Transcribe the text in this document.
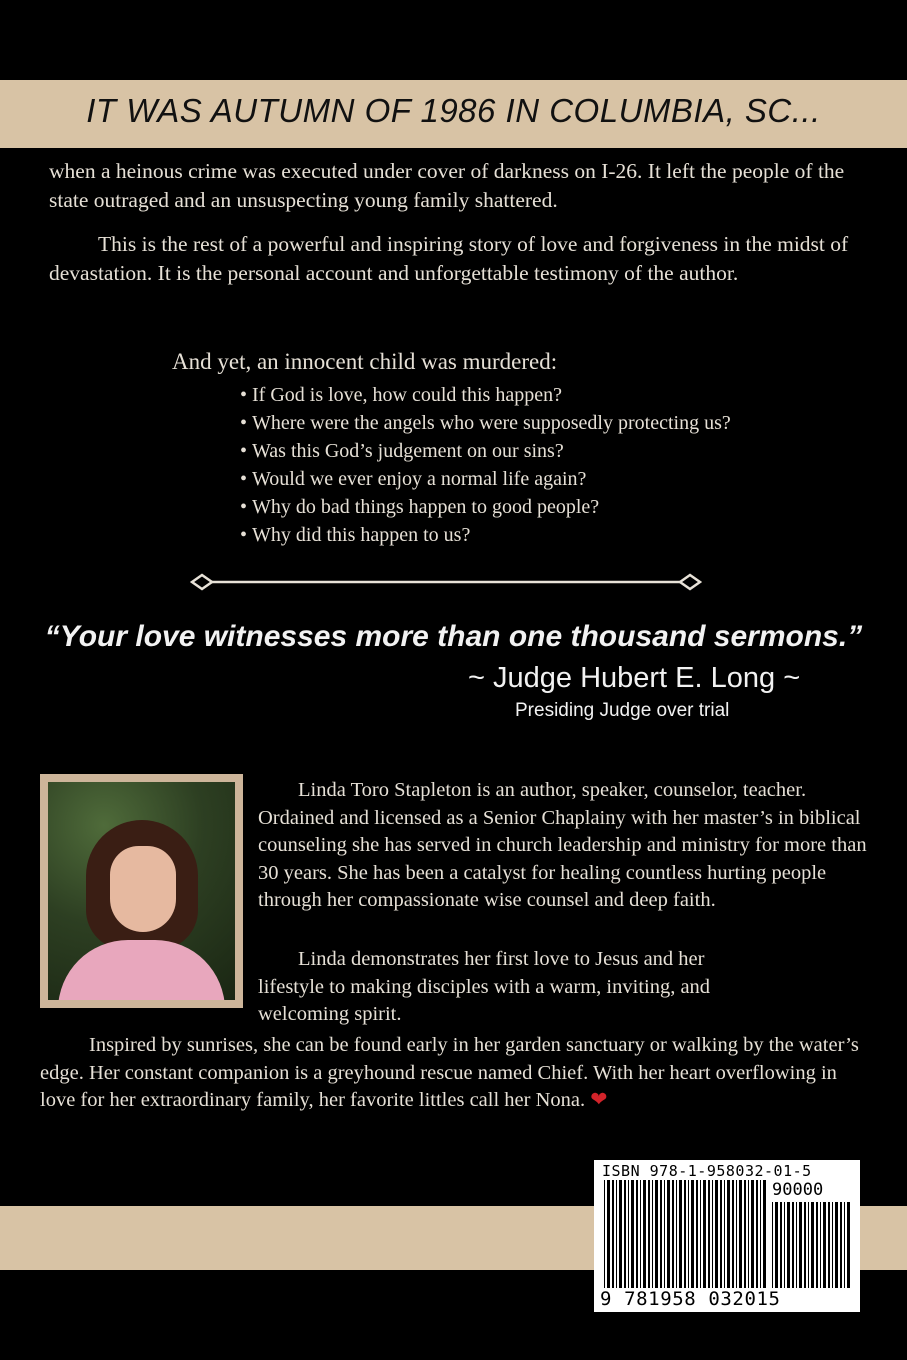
IT WAS AUTUMN OF 1986 IN COLUMBIA, SC...
when a heinous crime was executed under cover of darkness on I-26. It left the people of the state outraged and an unsuspecting young family shattered.
This is the rest of a powerful and inspiring story of love and forgiveness in the midst of devastation. It is the personal account and unforgettable testimony of the author.
And yet, an innocent child was murdered:
• If God is love, how could this happen?
• Where were the angels who were supposedly protecting us?
• Was this God’s judgement on our sins?
• Would we ever enjoy a normal life again?
• Why do bad things happen to good people?
• Why did this happen to us?
“Your love witnesses more than one thousand sermons.”
~ Judge Hubert E. Long ~
Presiding Judge over trial
Linda Toro Stapleton is an author, speaker, counselor, teacher. Ordained and licensed as a Senior Chaplainy with her master’s in biblical counseling she has served in church leadership and ministry for more than 30 years. She has been a catalyst for healing countless hurting people through her compassionate wise counsel and deep faith.
Linda demonstrates her first love to Jesus and her lifestyle to making disciples with a warm, inviting, and welcoming spirit.
Inspired by sunrises, she can be found early in her garden sanctuary or walking by the water’s edge. Her constant companion is a greyhound rescue named Chief. With her heart overflowing in love for her extraordinary family, her favorite littles call her Nona. ❤
ISBN 978-1-958032-01-5
90000
9 781958 032015
